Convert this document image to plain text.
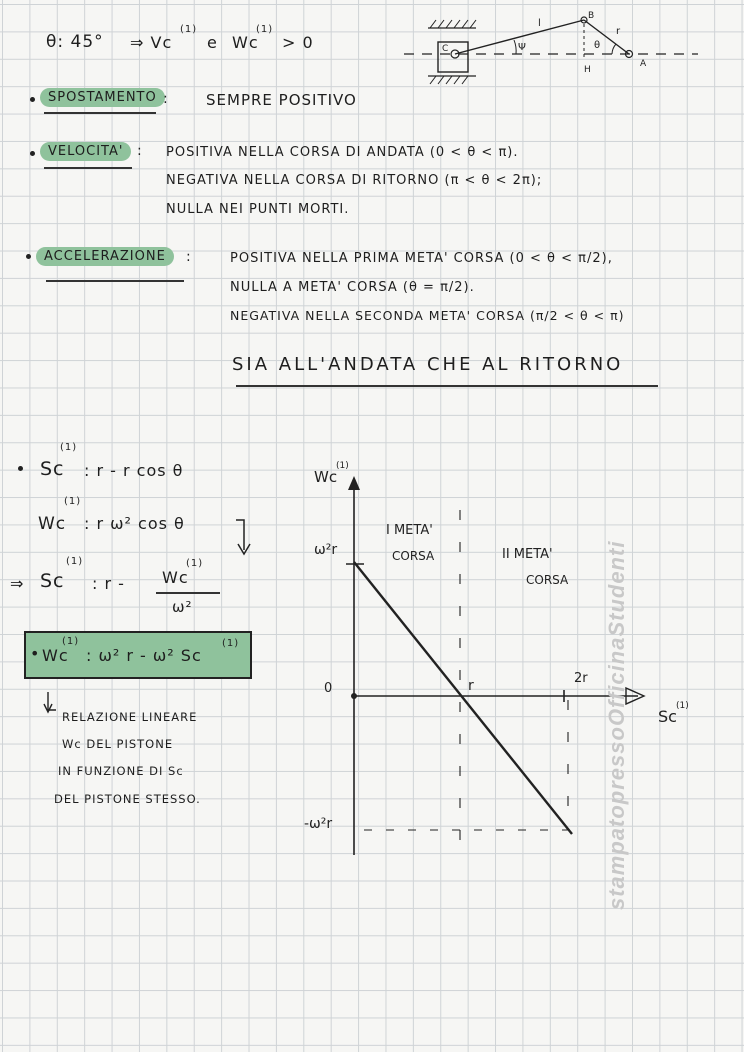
θ: 45° ⇒ Vc
(1)
e Wc
(1)
> 0	C	Ψ	θ
B
A
H
l
r
SPOSTAMENTO : SEMPRE POSITIVO
VELOCITA' : POSITIVA NELLA CORSA DI ANDATA (0 < θ < π).
NEGATIVA NELLA CORSA DI RITORNO (π < θ < 2π);
NULLA NEI PUNTI MORTI.
ACCELERAZIONE	:	POSITIVA NELLA PRIMA META' CORSA (0 < θ < π/2),
NULLA A META' CORSA (θ = π/2).
NEGATIVA NELLA SECONDA META' CORSA (π/2 < θ < π)
SIA ALL'ANDATA CHE AL RITORNO
Sc
(1)
: r - r cos θ
Wc
(1)
: r ω² cos θ
⇒ Sc
(1)
: r - Wc
(1)
ω²
• Wc
(1)
: ω² r - ω² Sc
(1)
RELAZIONE LINEARE
Wc DEL PISTONE
IN FUNZIONE DI Sc
DEL PISTONE STESSO.
Wc
(1)
Sc
(1)
ω²r
-ω²r
0	r	2r
I META'
CORSA	II META'
CORSA stampatopressoOfficinaStudenti
